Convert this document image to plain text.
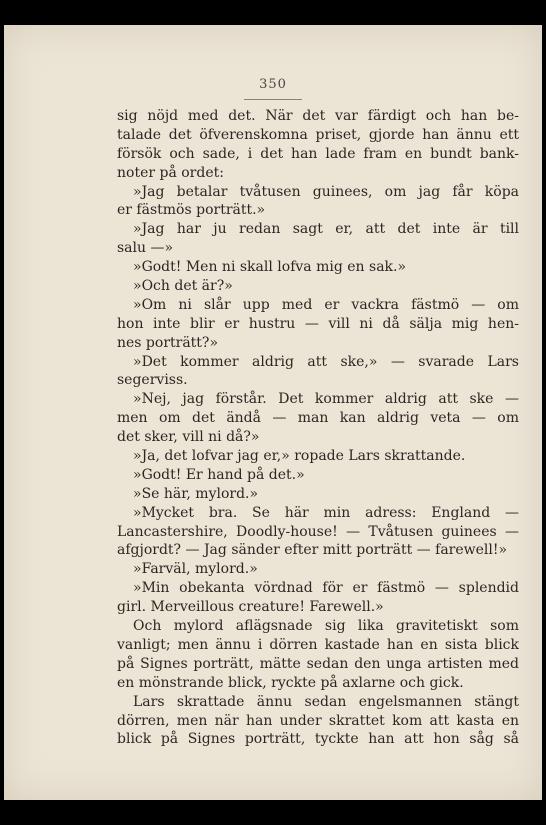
350
sig nöjd med det. När det var färdigt och han be-
talade det öfverenskomna priset, gjorde han ännu ett
försök och sade, i det han lade fram en bundt bank-
noter på ordet:
»Jag betalar tvåtusen guinees, om jag får köpa
er fästmös porträtt.»
»Jag har ju redan sagt er, att det inte är till
salu —»
»Godt! Men ni skall lofva mig en sak.»
»Och det är?»
»Om ni slår upp med er vackra fästmö — om
hon inte blir er hustru — vill ni då sälja mig hen-
nes porträtt?»
»Det kommer aldrig att ske,» — svarade Lars
segerviss.
»Nej, jag förstår. Det kommer aldrig att ske —
men om det ändå — man kan aldrig veta — om
det sker, vill ni då?»
»Ja, det lofvar jag er,» ropade Lars skrattande.
»Godt! Er hand på det.»
»Se här, mylord.»
»Mycket bra. Se här min adress: England —
Lancastershire, Doodly-house! — Tvåtusen guinees —
afgjordt? — Jag sänder efter mitt porträtt — farewell!»
»Farväl, mylord.»
»Min obekanta vördnad för er fästmö — splendid
girl. Merveillous creature! Farewell.»
Och mylord aflägsnade sig lika gravitetiskt som
vanligt; men ännu i dörren kastade han en sista blick
på Signes porträtt, mätte sedan den unga artisten med
en mönstrande blick, ryckte på axlarne och gick.
Lars skrattade ännu sedan engelsmannen stängt
dörren, men när han under skrattet kom att kasta en
blick på Signes porträtt, tyckte han att hon såg så
